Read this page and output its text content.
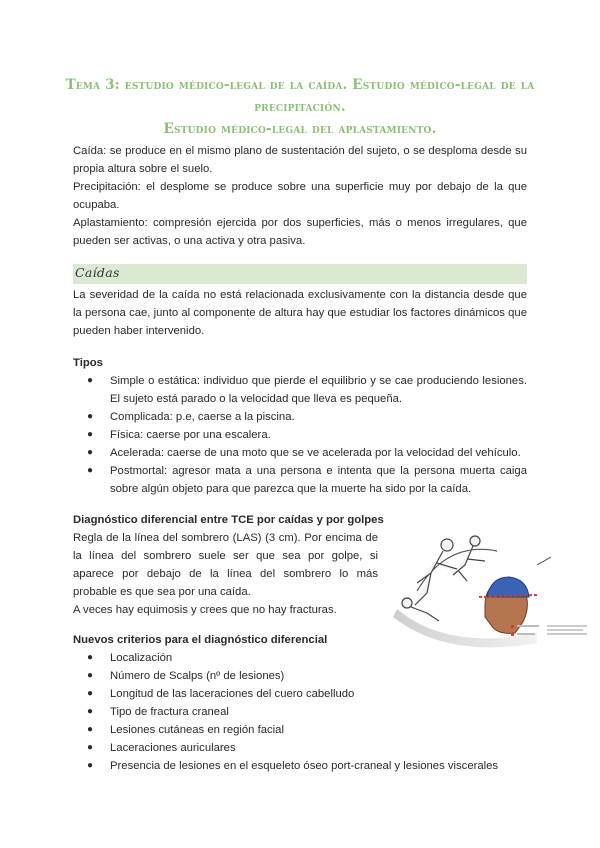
Tema 3: estudio médico-legal de la caída. Estudio médico-legal de la precipitación.
Estudio médico-legal del aplastamiento.

Caída: se produce en el mismo plano de sustentación del sujeto, o se desploma desde su propia altura sobre el suelo.

Precipitación: el desplome se produce sobre una superficie muy por debajo de la que ocupaba.

Aplastamiento: compresión ejercida por dos superficies, más o menos irregulares, que pueden ser activas, o una activa y otra pasiva.

Caídas

La severidad de la caída no está relacionada exclusivamente con la distancia desde que la persona cae, junto al componente de altura hay que estudiar los factores dinámicos que pueden haber intervenido.

Tipos
● Simple o estática: individuo que pierde el equilibrio y se cae produciendo lesiones. El sujeto está parado o la velocidad que lleva es pequeña.
● Complicada: p.e, caerse a la piscina.
● Física: caerse por una escalera.
● Acelerada: caerse de una moto que se ve acelerada por la velocidad del vehículo.
● Postmortal: agresor mata a una persona e intenta que la persona muerta caiga sobre algún objeto para que parezca que la muerte ha sido por la caída.
Diagnóstico diferencial entre TCE por caídas y por golpes

Regla de la línea del sombrero (LAS) (3 cm). Por encima de la línea del sombrero suele ser que sea por golpe, si aparece por debajo de la línea del sombrero lo más probable es que sea por una caída.

A veces hay equimosis y crees que no hay fracturas.

Nuevos criterios para el diagnóstico diferencial
● Localización
● Número de Scalps (nº de lesiones)
● Longitud de las laceraciones del cuero cabelludo
● Tipo de fractura craneal
● Lesiones cutáneas en región facial
● Laceraciones auriculares
● Presencia de lesiones en el esqueleto óseo port-craneal y lesiones viscerales
